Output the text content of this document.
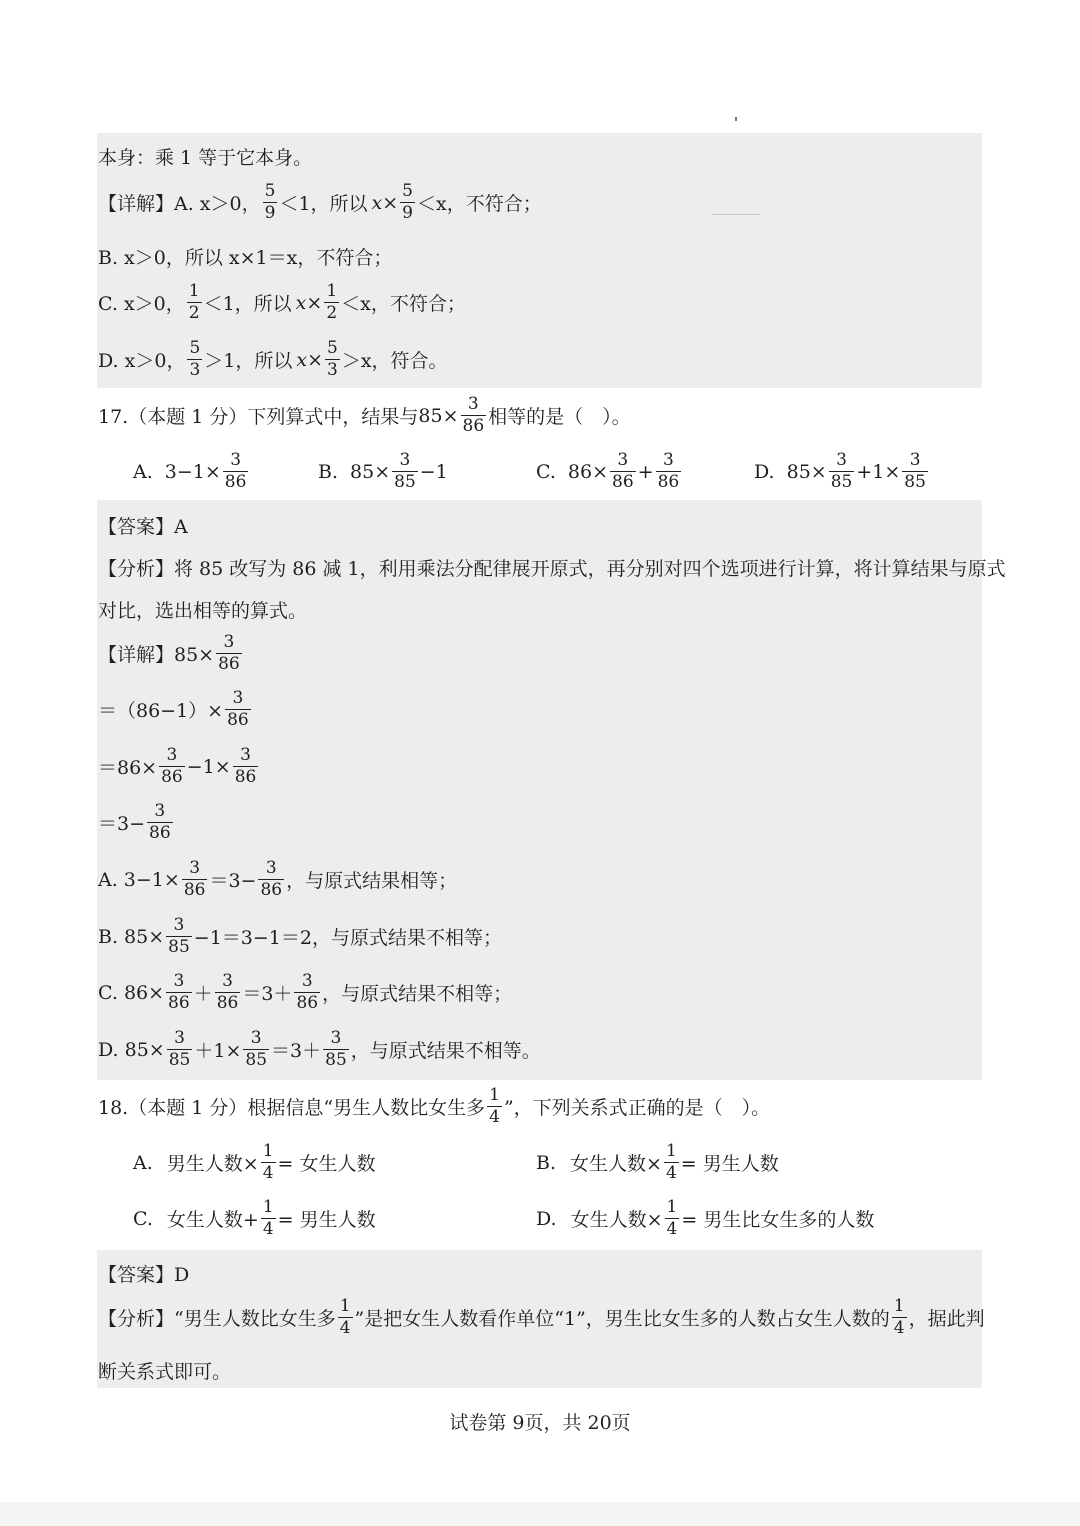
本身：乘 1 等于它本身。
【详解】A. x＞0， $\frac{5}{9} <1$，所以 $x\times \frac{5}{9} <x$，不符合；
B. x＞0，所以 x×1＝x，不符合；
C. x＞0， $\frac{1}{2} <1$，所以 $x\times \frac{1}{2} <x$，不符合；
D. x＞0， $\frac{5}{3} >1$，所以 $x\times \frac{5}{3} >x$，符合。
17.（本题 1 分）下列算式中，结果与 $85\times \frac{3}{86}$ 相等的是（　）。
A. $3-1\times \frac{3}{86}$	B. $85\times \frac{3}{85} -1$	C. $86\times \frac{3}{86} + \frac{3}{86}$	D. $85\times \frac{3}{85} +1\times \frac{3}{85}$
【答案】A
【分析】将 85 改写为 86 减 1，利用乘法分配律展开原式，再分别对四个选项进行计算，将计算结果与原式
对比，选出相等的算式。
【详解】$85\times \frac{3}{86}$
$=(86-1)\times \frac{3}{86}$
$=86\times \frac{3}{86} -1\times \frac{3}{86}$
$=3- \frac{3}{86}$
A. $3-1\times \frac{3}{86} =3- \frac{3}{86}$ ，与原式结果相等；
B. $85\times \frac{3}{85} -1=3-1=2$，与原式结果不相等；
C. $86\times \frac{3}{86} + \frac{3}{86} =3+ \frac{3}{86}$ ，与原式结果不相等；
D. $85\times \frac{3}{85} +1\times \frac{3}{85} =3+ \frac{3}{85}$ ，与原式结果不相等。
18.（本题 1 分）根据信息“男生人数比女生多 $\frac{1}{4}$ ”，下列关系式正确的是（　）。
A. 男生人数× $\frac{1}{4}$ = 女生人数	B. 女生人数× $\frac{1}{4}$ = 男生人数
C. 女生人数+ $\frac{1}{4}$ = 男生人数	D. 女生人数× $\frac{1}{4}$ = 男生比女生多的人数
【答案】D
【分析】“男生人数比女生多 $\frac{1}{4}$ ”是把女生人数看作单位“1”，男生比女生多的人数占女生人数的 $\frac{1}{4}$ ，据此判
断关系式即可。
试卷第 9页，共 20页
